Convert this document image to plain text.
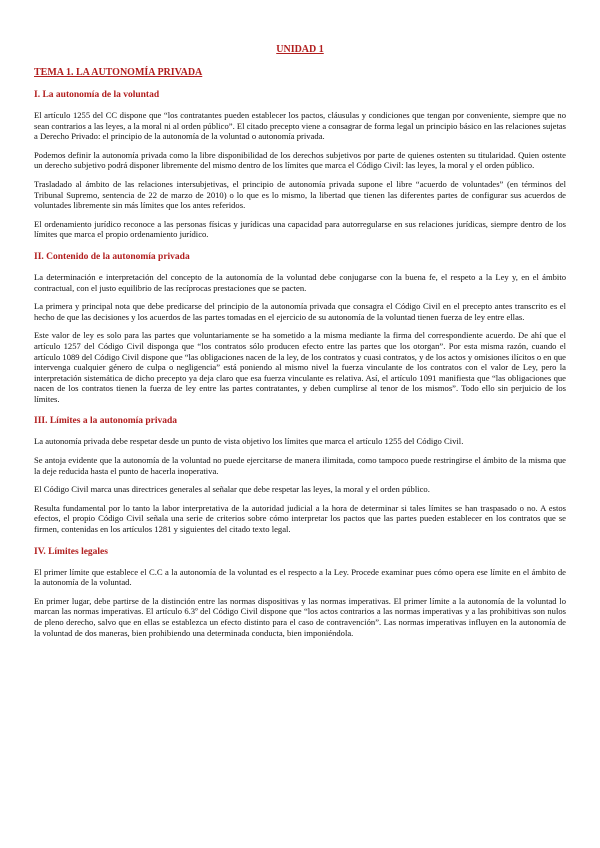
UNIDAD 1
TEMA 1. LA AUTONOMÍA PRIVADA
I. La autonomía de la voluntad

El artículo 1255 del CC dispone que “los contratantes pueden establecer los pactos, cláusulas y condiciones que tengan por conveniente, siempre que no sean contrarios a las leyes, a la moral ni al orden público”. El citado precepto viene a consagrar de forma legal un principio básico en las relaciones sujetas a Derecho Privado: el principio de la autonomía de la voluntad o autonomía privada.

Podemos definir la autonomía privada como la libre disponibilidad de los derechos subjetivos por parte de quienes ostenten su titularidad. Quien ostente un derecho subjetivo podrá disponer libremente del mismo dentro de los límites que marca el Código Civil: las leyes, la moral y el orden público.

Trasladado al ámbito de las relaciones intersubjetivas, el principio de autonomía privada supone el libre “acuerdo de voluntades” (en términos del Tribunal Supremo, sentencia de 22 de marzo de 2010) o lo que es lo mismo, la libertad que tienen las diferentes partes de configurar sus acuerdos de voluntades libremente sin más límites que los antes referidos.

El ordenamiento jurídico reconoce a las personas físicas y jurídicas una capacidad para autorregularse en sus relaciones jurídicas, siempre dentro de los límites que marca el propio ordenamiento jurídico.

II. Contenido de la autonomía privada

La determinación e interpretación del concepto de la autonomía de la voluntad debe conjugarse con la buena fe, el respeto a la Ley y, en el ámbito contractual, con el justo equilibrio de las recíprocas prestaciones que se pacten.

La primera y principal nota que debe predicarse del principio de la autonomía privada que consagra el Código Civil en el precepto antes transcrito es el hecho de que las decisiones y los acuerdos de las partes tomadas en el ejercicio de su autonomía de la voluntad tienen fuerza de ley entre ellas.

Este valor de ley es solo para las partes que voluntariamente se ha sometido a la misma mediante la firma del correspondiente acuerdo. De ahí que el artículo 1257 del Código Civil disponga que “los contratos sólo producen efecto entre las partes que los otorgan”. Por esta misma razón, cuando el artículo 1089 del Código Civil dispone que “las obligaciones nacen de la ley, de los contratos y cuasi contratos, y de los actos y omisiones ilícitos o en que intervenga cualquier género de culpa o negligencia” está poniendo al mismo nivel la fuerza vinculante de los contratos con el valor de Ley, pero la interpretación sistemática de dicho precepto ya deja claro que esa fuerza vinculante es relativa. Así, el artículo 1091 manifiesta que “las obligaciones que nacen de los contratos tienen la fuerza de ley entre las partes contratantes, y deben cumplirse al tenor de los mismos”. Todo ello sin perjuicio de los límites.

III. Límites a la autonomía privada

La autonomía privada debe respetar desde un punto de vista objetivo los límites que marca el artículo 1255 del Código Civil.

Se antoja evidente que la autonomía de la voluntad no puede ejercitarse de manera ilimitada, como tampoco puede restringirse el ámbito de la misma que la deje reducida hasta el punto de hacerla inoperativa.

El Código Civil marca unas directrices generales al señalar que debe respetar las leyes, la moral y el orden público.

Resulta fundamental por lo tanto la labor interpretativa de la autoridad judicial a la hora de determinar si tales límites se han traspasado o no. A estos efectos, el propio Código Civil señala una serie de criterios sobre cómo interpretar los pactos que las partes pueden establecer en los contratos que se firmen, contenidas en los artículos 1281 y siguientes del citado texto legal.

IV. Límites legales

El primer límite que establece el C.C a la autonomía de la voluntad es el respecto a la Ley. Procede examinar pues cómo opera ese límite en el ámbito de la autonomía de la voluntad.

En primer lugar, debe partirse de la distinción entre las normas dispositivas y las normas imperativas. El primer límite a la autonomía de la voluntad lo marcan las normas imperativas. El artículo 6.3º del Código Civil dispone que “los actos contrarios a las normas imperativas y a las prohibitivas son nulos de pleno derecho, salvo que en ellas se establezca un efecto distinto para el caso de contravención”. Las normas imperativas influyen en la autonomía de la voluntad de dos maneras, bien prohibiendo una determinada conducta, bien imponiéndola.
